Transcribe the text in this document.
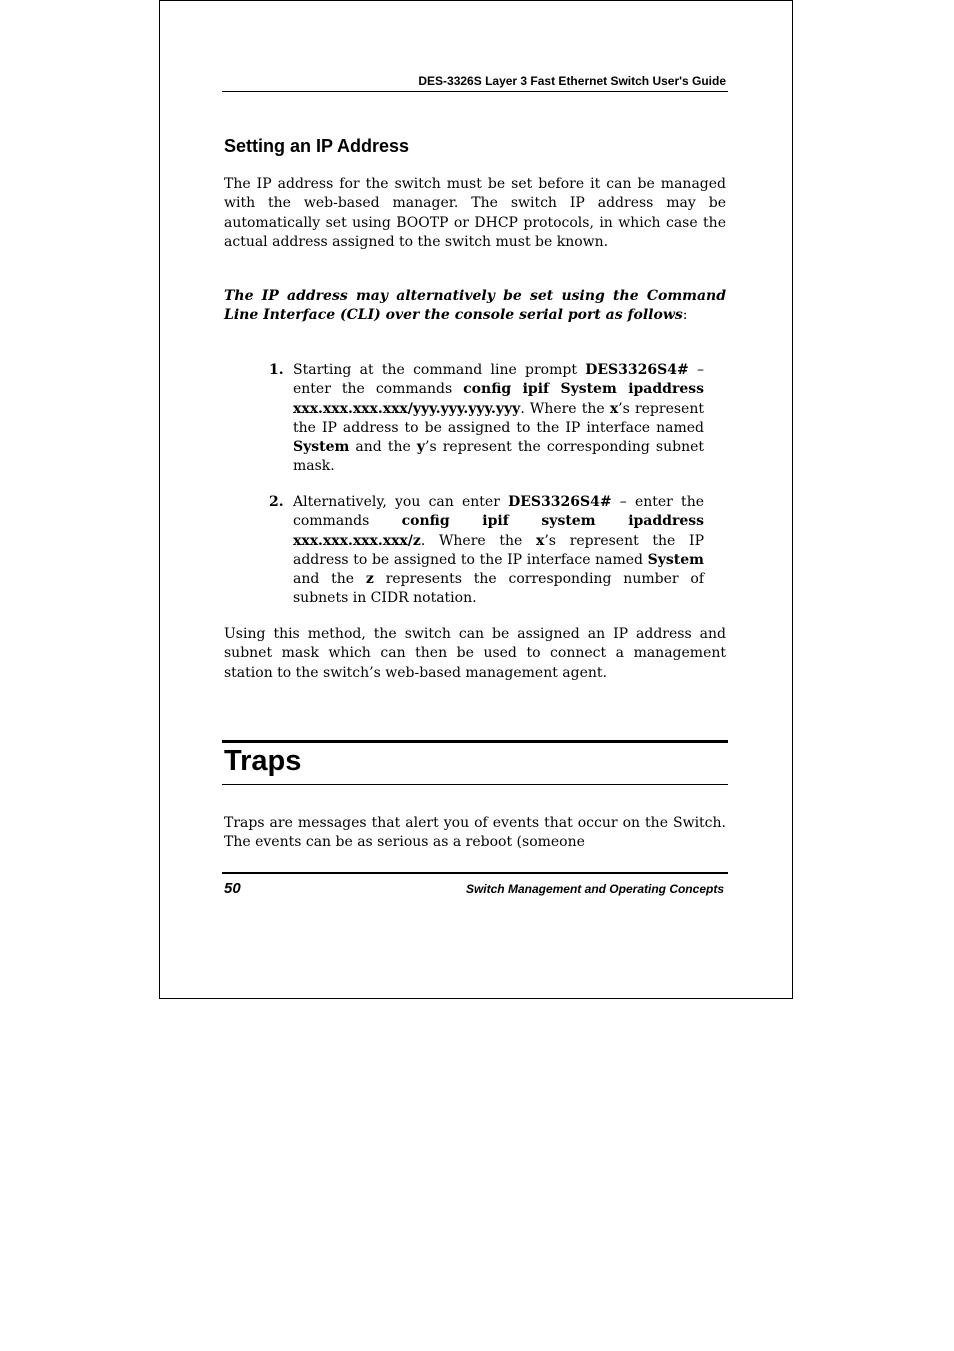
DES-3326S Layer 3 Fast Ethernet Switch User's Guide
Setting an IP Address

The IP address for the switch must be set before it can be managed with the web-based manager. The switch IP address may be automatically set using BOOTP or DHCP protocols, in which case the actual address assigned to the switch must be known.

The IP address may alternatively be set using the Command Line Interface (CLI) over the console serial port as follows:

1. Starting at the command line prompt DES3326S4# – enter the commands config ipif System ipaddress xxx.xxx.xxx.xxx/yyy.yyy.yyy.yyy. Where the x’s represent the IP address to be assigned to the IP interface named System and the y’s represent the corresponding subnet mask.
2. Alternatively, you can enter DES3326S4# – enter the commands config ipif system ipaddress xxx.xxx.xxx.xxx/z. Where the x’s represent the IP address to be assigned to the IP interface named System and the z represents the corresponding number of subnets in CIDR notation.

Using this method, the switch can be assigned an IP address and subnet mask which can then be used to connect a management station to the switch’s web-based management agent.

Traps

Traps are messages that alert you of events that occur on the Switch. The events can be as serious as a reboot (someone

50	Switch Management and Operating Concepts
